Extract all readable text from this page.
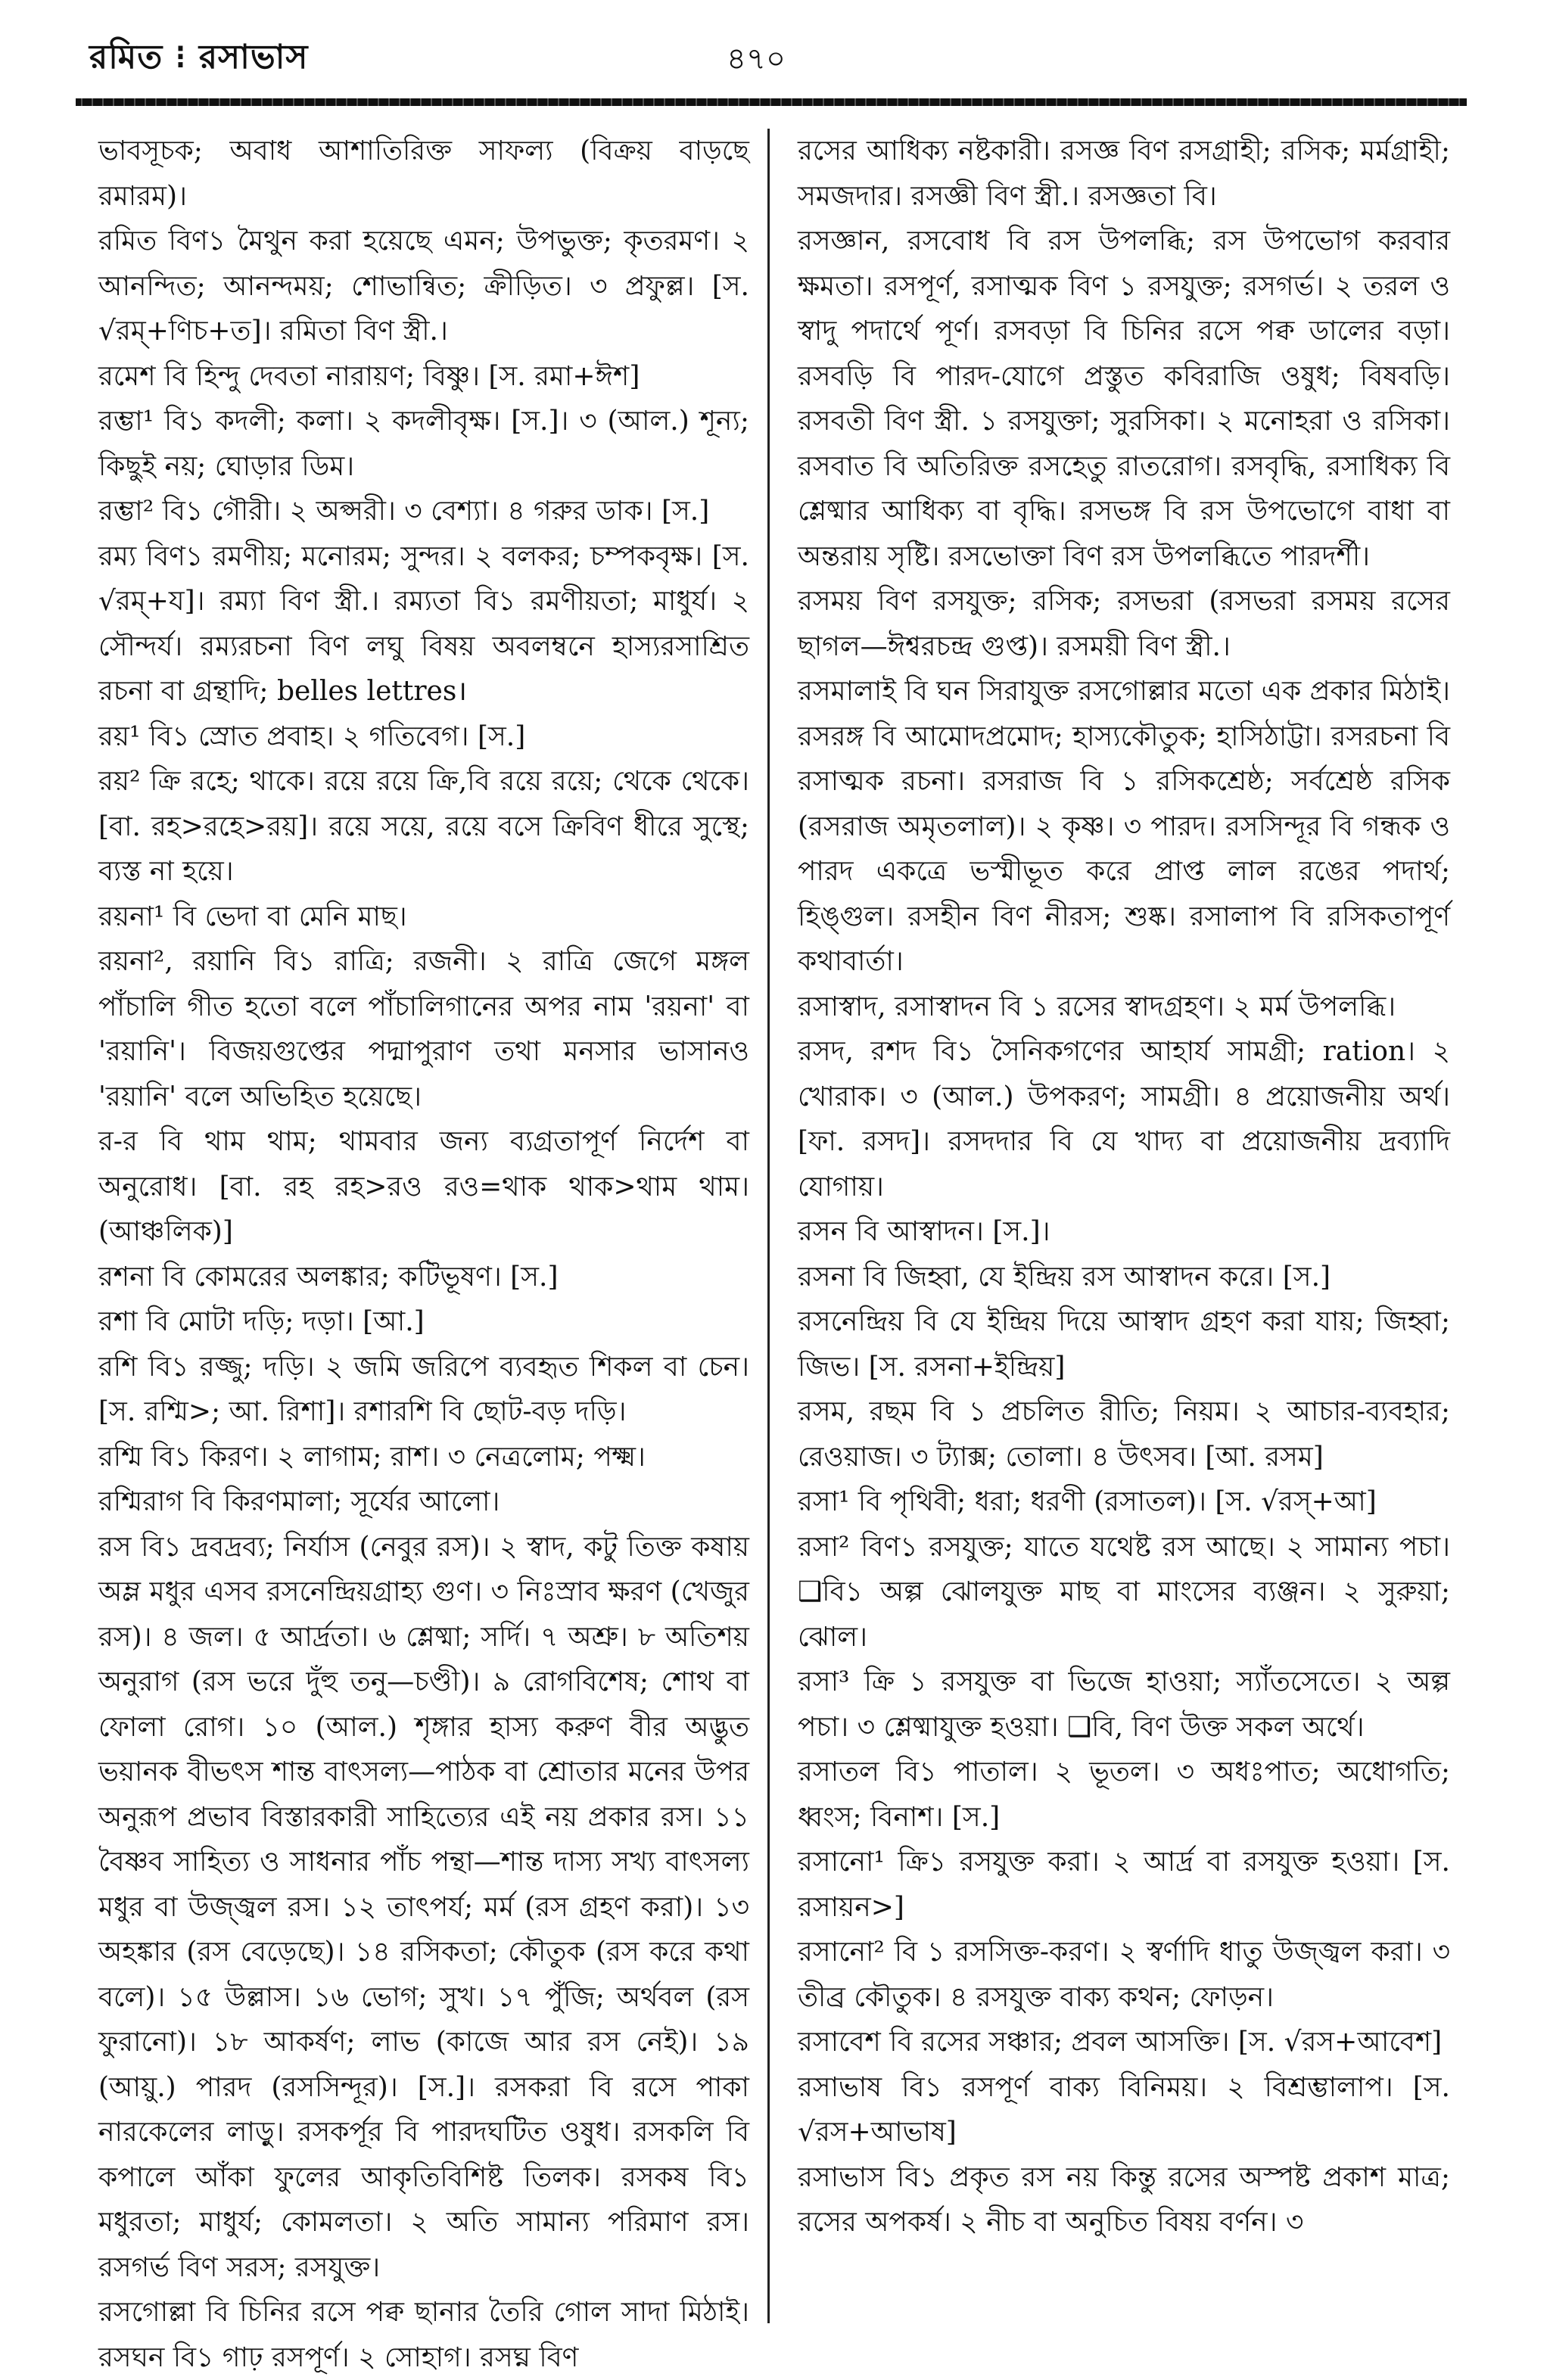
রমিত ⁝ রসাভাস	৪৭০

ভাবসূচক; অবাধ আশাতিরিক্ত সাফল্য (বিক্রয় বাড়ছে রমারম)।

রমিত বিণ১ মৈথুন করা হয়েছে এমন; উপভুক্ত; কৃতরমণ। ২ আনন্দিত; আনন্দময়; শোভান্বিত; ক্রীড়িত। ৩ প্রফুল্ল। [স. √রম্‌+ণিচ+ত]। রমিতা বিণ স্ত্রী.।

রমেশ বি হিন্দু দেবতা নারায়ণ; বিষ্ণু। [স. রমা+ঈশ]

রম্ভা¹ বি১ কদলী; কলা। ২ কদলীবৃক্ষ। [স.]। ৩ (আল.) শূন্য; কিছুই নয়; ঘোড়ার ডিম।

রম্ভা² বি১ গৌরী। ২ অপ্সরী। ৩ বেশ্যা। ৪ গরুর ডাক। [স.]

রম্য বিণ১ রমণীয়; মনোরম; সুন্দর। ২ বলকর; চম্পকবৃক্ষ। [স. √রম্‌+য]। রম্যা বিণ স্ত্রী.। রম্যতা বি১ রমণীয়তা; মাধুর্য। ২ সৌন্দর্য। রম্যরচনা বিণ লঘু বিষয় অবলম্বনে হাস্যরসাশ্রিত রচনা বা গ্রন্থাদি; belles lettres।

রয়¹ বি১ স্রোত প্রবাহ। ২ গতিবেগ। [স.]

রয়² ক্রি রহে; থাকে। রয়ে রয়ে ক্রি,বি রয়ে রয়ে; থেকে থেকে। [বা. রহ>রহে>রয়]। রয়ে সয়ে, রয়ে বসে ক্রিবিণ ধীরে সুস্থে; ব্যস্ত না হয়ে।

রয়না¹ বি ভেদা বা মেনি মাছ।

রয়না², রয়ানি বি১ রাত্রি; রজনী। ২ রাত্রি জেগে মঙ্গল পাঁচালি গীত হতো বলে পাঁচালিগানের অপর নাম 'রয়না' বা 'রয়ানি'। বিজয়গুপ্তের পদ্মাপুরাণ তথা মনসার ভাসানও 'রয়ানি' বলে অভিহিত হয়েছে।

র-র বি থাম থাম; থামবার জন্য ব্যগ্রতাপূর্ণ নির্দেশ বা অনুরোধ। [বা. রহ রহ>রও রও=থাক থাক>থাম থাম। (আঞ্চলিক)]

রশনা বি কোমরের অলঙ্কার; কটিভূষণ। [স.]

রশা বি মোটা দড়ি; দড়া। [আ.]

রশি বি১ রজ্জু; দড়ি। ২ জমি জরিপে ব্যবহৃত শিকল বা চেন। [স. রশ্মি>; আ. রিশা]। রশারশি বি ছোট-বড় দড়ি।

রশ্মি বি১ কিরণ। ২ লাগাম; রাশ। ৩ নেত্রলোম; পক্ষ্ম।

রশ্মিরাগ বি কিরণমালা; সূর্যের আলো।

রস বি১ দ্রবদ্রব্য; নির্যাস (নেবুর রস)। ২ স্বাদ, কটু তিক্ত কষায় অম্ল মধুর এসব রসনেন্দ্রিয়গ্রাহ্য গুণ। ৩ নিঃস্রাব ক্ষরণ (খেজুর রস)। ৪ জল। ৫ আর্দ্রতা। ৬ শ্লেষ্মা; সর্দি। ৭ অশ্রু। ৮ অতিশয় অনুরাগ (রস ভরে দুঁহু তনু—চণ্ডী)। ৯ রোগবিশেষ; শোথ বা ফোলা রোগ। ১০ (আল.) শৃঙ্গার হাস্য করুণ বীর অদ্ভুত ভয়ানক বীভৎস শান্ত বাৎসল্য—পাঠক বা শ্রোতার মনের উপর অনুরূপ প্রভাব বিস্তারকারী সাহিত্যের এই নয় প্রকার রস। ১১ বৈষ্ণব সাহিত্য ও সাধনার পাঁচ পন্থা—শান্ত দাস্য সখ্য বাৎসল্য মধুর বা উজ্জ্বল রস। ১২ তাৎপর্য; মর্ম (রস গ্রহণ করা)। ১৩ অহঙ্কার (রস বেড়েছে)। ১৪ রসিকতা; কৌতুক (রস করে কথা বলে)। ১৫ উল্লাস। ১৬ ভোগ; সুখ। ১৭ পুঁজি; অর্থবল (রস ফুরানো)। ১৮ আকর্ষণ; লাভ (কাজে আর রস নেই)। ১৯ (আয়ু.) পারদ (রসসিন্দূর)। [স.]। রসকরা বি রসে পাকা নারকেলের লাড়ু। রসকর্পূর বি পারদঘটিত ওষুধ। রসকলি বি কপালে আঁকা ফুলের আকৃতিবিশিষ্ট তিলক। রসকষ বি১ মধুরতা; মাধুর্য; কোমলতা। ২ অতি সামান্য পরিমাণ রস। রসগর্ভ বিণ সরস; রসযুক্ত।

রসগোল্লা বি চিনির রসে পক্ব ছানার তৈরি গোল সাদা মিঠাই। রসঘন বি১ গাঢ় রসপূর্ণ। ২ সোহাগ। রসঘ্ন বিণ

রসের আধিক্য নষ্টকারী। রসজ্ঞ বিণ রসগ্রাহী; রসিক; মর্মগ্রাহী; সমজদার। রসজ্ঞী বিণ স্ত্রী.। রসজ্ঞতা বি।

রসজ্ঞান, রসবোধ বি রস উপলব্ধি; রস উপভোগ করবার ক্ষমতা। রসপূর্ণ, রসাত্মক বিণ ১ রসযুক্ত; রসগর্ভ। ২ তরল ও স্বাদু পদার্থে পূর্ণ। রসবড়া বি চিনির রসে পক্ব ডালের বড়া। রসবড়ি বি পারদ-যোগে প্রস্তুত কবিরাজি ওষুধ; বিষবড়ি। রসবতী বিণ স্ত্রী. ১ রসযুক্তা; সুরসিকা। ২ মনোহরা ও রসিকা। রসবাত বি অতিরিক্ত রসহেতু রাতরোগ। রসবৃদ্ধি, রসাধিক্য বি শ্লেষ্মার আধিক্য বা বৃদ্ধি। রসভঙ্গ বি রস উপভোগে বাধা বা অন্তরায় সৃষ্টি। রসভোক্তা বিণ রস উপলব্ধিতে পারদর্শী।

রসময় বিণ রসযুক্ত; রসিক; রসভরা (রসভরা রসময় রসের ছাগল—ঈশ্বরচন্দ্র গুপ্ত)। রসময়ী বিণ স্ত্রী.।

রসমালাই বি ঘন সিরাযুক্ত রসগোল্লার মতো এক প্রকার মিঠাই। রসরঙ্গ বি আমোদপ্রমোদ; হাস্যকৌতুক; হাসিঠাট্টা। রসরচনা বি রসাত্মক রচনা। রসরাজ বি ১ রসিকশ্রেষ্ঠ; সর্বশ্রেষ্ঠ রসিক (রসরাজ অমৃতলাল)। ২ কৃষ্ণ। ৩ পারদ। রসসিন্দূর বি গন্ধক ও পারদ একত্রে ভস্মীভূত করে প্রাপ্ত লাল রঙের পদার্থ; হিঙ্গুল। রসহীন বিণ নীরস; শুষ্ক। রসালাপ বি রসিকতাপূর্ণ কথাবার্তা।

রসাস্বাদ, রসাস্বাদন বি ১ রসের স্বাদগ্রহণ। ২ মর্ম উপলব্ধি।

রসদ, রশদ বি১ সৈনিকগণের আহার্য সামগ্রী; ration। ২ খোরাক। ৩ (আল.) উপকরণ; সামগ্রী। ৪ প্রয়োজনীয় অর্থ। [ফা. রসদ]। রসদদার বি যে খাদ্য বা প্রয়োজনীয় দ্রব্যাদি যোগায়।

রসন বি আস্বাদন। [স.]।

রসনা বি জিহ্বা, যে ইন্দ্রিয় রস আস্বাদন করে। [স.]

রসনেন্দ্রিয় বি যে ইন্দ্রিয় দিয়ে আস্বাদ গ্রহণ করা যায়; জিহ্বা; জিভ। [স. রসনা+ইন্দ্রিয়]

রসম, রছম বি ১ প্রচলিত রীতি; নিয়ম। ২ আচার-ব্যবহার; রেওয়াজ। ৩ ট্যাক্স; তোলা। ৪ উৎসব। [আ. রসম]

রসা¹ বি পৃথিবী; ধরা; ধরণী (রসাতল)। [স. √রস্‌+আ]

রসা² বিণ১ রসযুক্ত; যাতে যথেষ্ট রস আছে। ২ সামান্য পচা। ❑বি১ অল্প ঝোলযুক্ত মাছ বা মাংসের ব্যঞ্জন। ২ সুরুয়া; ঝোল।

রসা³ ক্রি ১ রসযুক্ত বা ভিজে হাওয়া; স্যাঁতসেতে। ২ অল্প পচা। ৩ শ্লেষ্মাযুক্ত হওয়া। ❑বি, বিণ উক্ত সকল অর্থে।

রসাতল বি১ পাতাল। ২ ভূতল। ৩ অধঃপাত; অধোগতি; ধ্বংস; বিনাশ। [স.]

রসানো¹ ক্রি১ রসযুক্ত করা। ২ আর্দ্র বা রসযুক্ত হওয়া। [স. রসায়ন>]

রসানো² বি ১ রসসিক্ত-করণ। ২ স্বর্ণাদি ধাতু উজ্জ্বল করা। ৩ তীব্র কৌতুক। ৪ রসযুক্ত বাক্য কথন; ফোড়ন।

রসাবেশ বি রসের সঞ্চার; প্রবল আসক্তি। [স. √রস+আবেশ]

রসাভাষ বি১ রসপূর্ণ বাক্য বিনিময়। ২ বিশ্রম্ভালাপ। [স. √রস+আভাষ]

রসাভাস বি১ প্রকৃত রস নয় কিন্তু রসের অস্পষ্ট প্রকাশ মাত্র; রসের অপকর্ষ। ২ নীচ বা অনুচিত বিষয় বর্ণন। ৩
